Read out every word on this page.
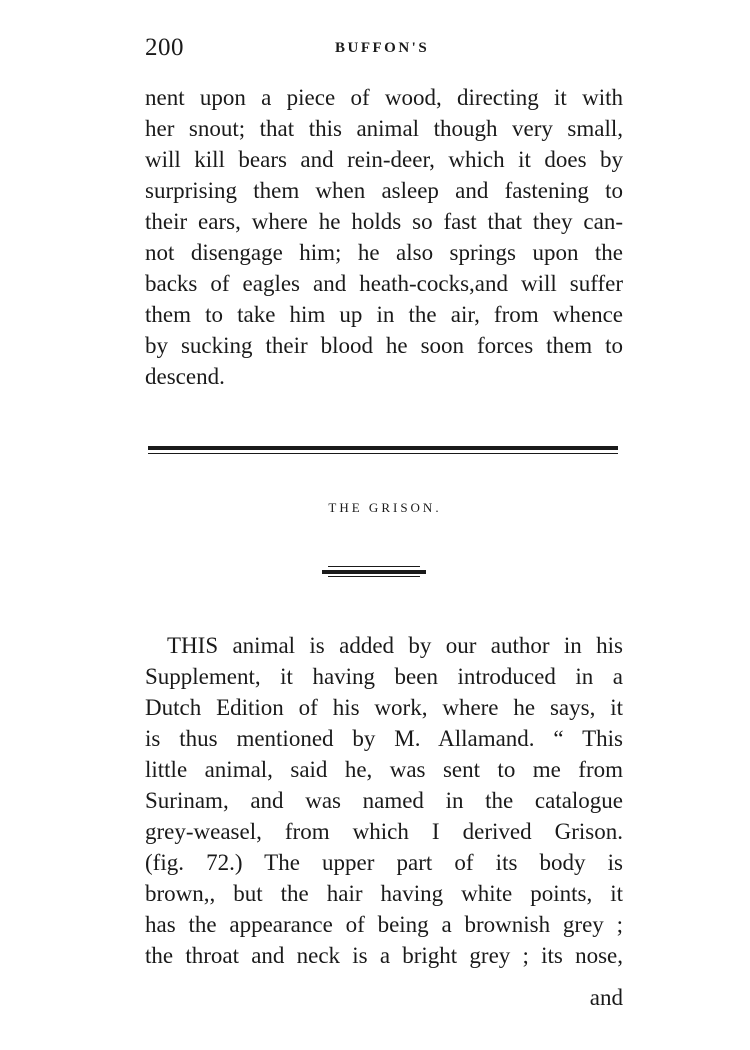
200	BUFFON'S
nent upon a piece of wood, directing it with
her snout; that this animal though very small,
will kill bears and rein-deer, which it does by
surprising them when asleep and fastening to
their ears, where he holds so fast that they can-
not disengage him; he also springs upon the
backs of eagles and heath-cocks,and will suffer
them to take him up in the air, from whence
by sucking their blood he soon forces them to
descend.
THE GRISON.
THIS animal is added by our author in his
Supplement, it having been introduced in a
Dutch Edition of his work, where he says, it
is thus mentioned by M. Allamand. “ This
little animal, said he, was sent to me from
Surinam, and was named in the catalogue
grey-weasel, from which I derived Grison.
(fig. 72.) The upper part of its body is
brown,, but the hair having white points, it
has the appearance of being a brownish grey ;
the throat and neck is a bright grey ; its nose,
and
